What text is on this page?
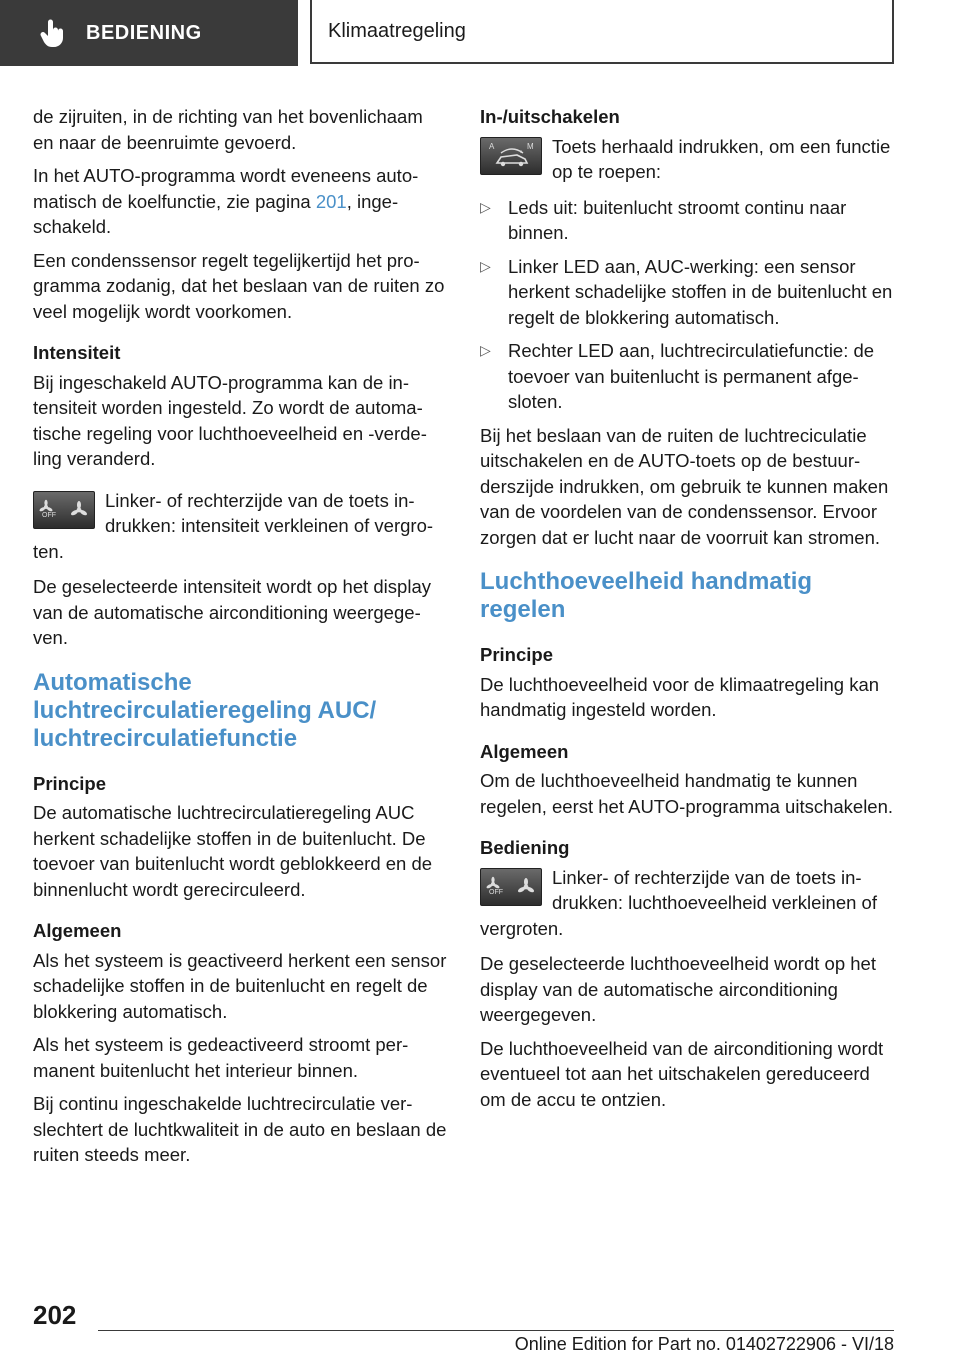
BEDIENING	Klimaatregeling

de zijruiten, in de richting van het bovenlichaam en naar de beenruimte gevoerd.

In het AUTO-programma wordt eveneens automatisch de koelfunctie, zie pagina 201, ingeschakeld.

Een condenssensor regelt tegelijkertijd het programma zodanig, dat het beslaan van de ruiten zo veel mogelijk wordt voorkomen.

Intensiteit

Bij ingeschakeld AUTO-programma kan de intensiteit worden ingesteld. Zo wordt de automatische regeling voor luchthoeveelheid en -verdeling veranderd.

OFF
Linker- of rechterzijde van de toets indrukken: intensiteit verkleinen of vergroten.

De geselecteerde intensiteit wordt op het display van de automatische airconditioning weergegeven.

Automatische luchtrecirculatieregeling AUC/ luchtrecirculatiefunctie
Principe

De automatische luchtrecirculatieregeling AUC herkent schadelijke stoffen in de buitenlucht. De toevoer van buitenlucht wordt geblokkeerd en de binnenlucht wordt gerecirculeerd.

Algemeen

Als het systeem is geactiveerd herkent een sensor schadelijke stoffen in de buitenlucht en regelt de blokkering automatisch.

Als het systeem is gedeactiveerd stroomt permanent buitenlucht het interieur binnen.

Bij continu ingeschakelde luchtrecirculatie verslechtert de luchtkwaliteit in de auto en beslaan de ruiten steeds meer.

In-/uitschakelen
A	M Toets herhaald indrukken, om een functie op te roepen:
▷ Leds uit: buitenlucht stroomt continu naar binnen.
▷ Linker LED aan, AUC-werking: een sensor herkent schadelijke stoffen in de buitenlucht en regelt de blokkering automatisch.
▷ Rechter LED aan, luchtrecirculatiefunctie: de toevoer van buitenlucht is permanent afgesloten.

Bij het beslaan van de ruiten de luchtreciculatie uitschakelen en de AUTO-toets op de bestuurderszijde indrukken, om gebruik te kunnen maken van de voordelen van de condenssensor. Ervoor zorgen dat er lucht naar de voorruit kan stromen.

Luchthoeveelheid handmatig regelen
Principe

De luchthoeveelheid voor de klimaatregeling kan handmatig ingesteld worden.

Algemeen

Om de luchthoeveelheid handmatig te kunnen regelen, eerst het AUTO-programma uitschakelen.

Bediening
OFF
Linker- of rechterzijde van de toets indrukken: luchthoeveelheid verkleinen of vergroten.

De geselecteerde luchthoeveelheid wordt op het display van de automatische airconditioning weergegeven.

De luchthoeveelheid van de airconditioning wordt eventueel tot aan het uitschakelen gereduceerd om de accu te ontzien.

202
Online Edition for Part no. 01402722906 - VI/18
